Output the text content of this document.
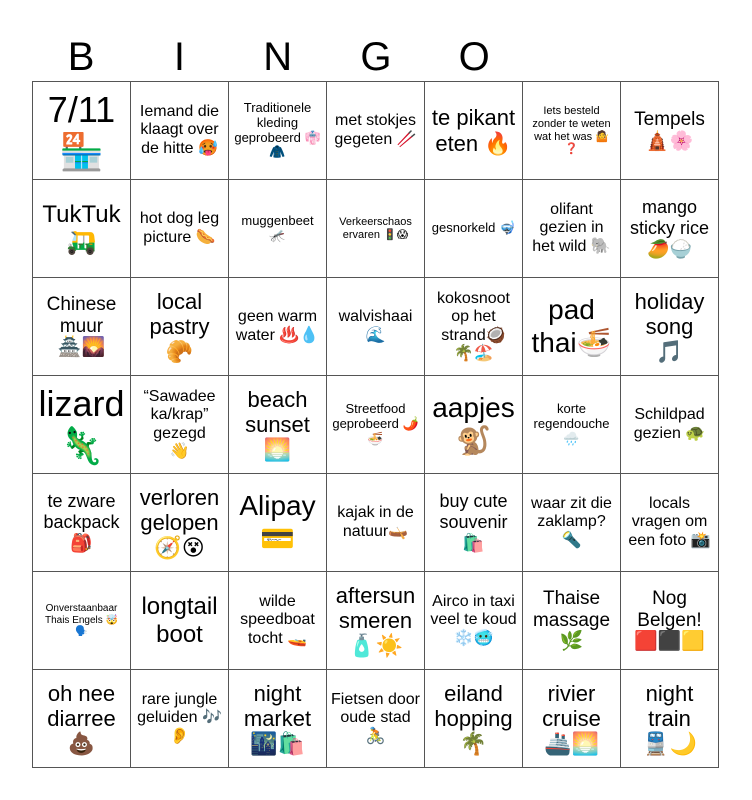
B	I	N	G	O
7/11
🏪
Iemand die klaagt over de hitte 🥵
Traditionele kleding geprobeerd 👘🧥
met stokjes gegeten 🥢
te pikant eten 🔥
Iets besteld zonder te weten wat het was 🤷
❓
Tempels
🛕🌸
TukTuk
🛺
hot dog leg picture 🌭
muggenbeet 🦟
Verkeerschaos ervaren 🚦😱	gesnorkeld 🤿
olifant gezien in het wild 🐘
mango sticky rice🥭🍚
Chinese muur
🏯🌄
local pastry
🥐
geen warm water ♨️💧
walvishaai
🌊
kokosnoot op het strand🥥
🌴🏖️
pad thai🍜
holiday song
🎵
lizard
🦎
“Sawadee ka/krap” gezegd
👋
beach sunset
🌅
Streetfood geprobeerd 🌶️🍜
aapjes
🐒
korte regendouche
🌧️
Schildpad gezien 🐢
te zware backpack 🎒
verloren gelopen
🧭😵
Alipay
💳
kajak in de natuur🛶
buy cute souvenir
🛍️
waar zit die zaklamp?
🔦
locals vragen om een foto 📸
Onverstaanbaar Thais Engels 🤯
🗣️
longtail boot
wilde speedboat tocht 🚤
aftersun smeren
🧴☀️
Airco in taxi veel te koud
❄️🥶
Thaise massage
🌿
Nog Belgen!
🟥⬛🟨
oh nee diarree
💩
rare jungle geluiden 🎶👂
night market
🌃🛍️
Fietsen door oude stad 🚴
eiland hopping
🌴
rivier cruise
🚢🌅
night train
🚆🌙
